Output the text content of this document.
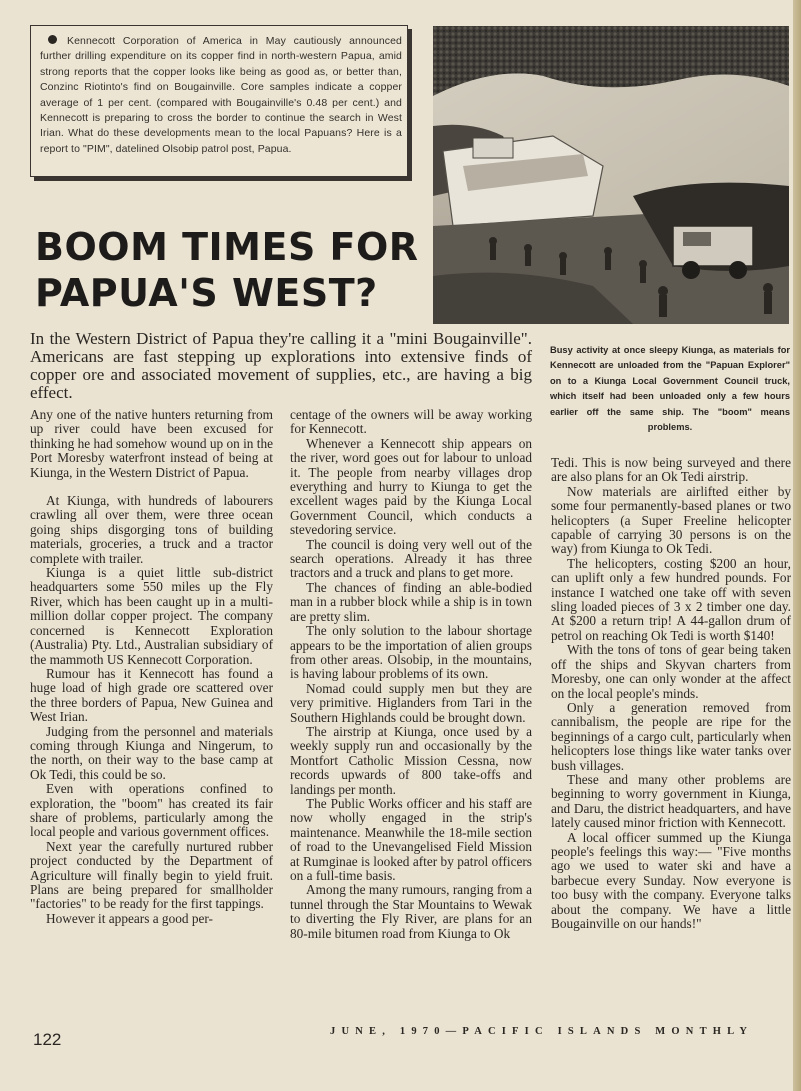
Kennecott Corporation of America in May cautiously announced further drilling expenditure on its copper find in north-western Papua, amid strong reports that the copper looks like being as good as, or better than, Conzinc Riotinto's find on Bougainville. Core samples indicate a copper average of 1 per cent. (compared with Bougainville's 0.48 per cent.) and Kennecott is preparing to cross the border to continue the search in West Irian. What do these developments mean to the local Papuans? Here is a report to "PIM", datelined Olsobip patrol post, Papua.
BOOM TIMES FOR
PAPUA'S WEST?
Busy activity at once sleepy Kiunga, as materials for Kennecott are unloaded from the "Papuan Explorer" on to a Kiunga Local Government Council truck, which itself had been unloaded only a few hours earlier off the same ship. The "boom" means problems.
In the Western District of Papua they're calling it a "mini Bougainville". Americans are fast stepping up explorations into extensive finds of copper ore and associated movement of supplies, etc., are having a big effect.

Any one of the native hunters returning from up river could have been excused for thinking he had somehow wound up on in the Port Moresby waterfront instead of being at Kiunga, in the Western District of Papua.

At Kiunga, with hundreds of labourers crawling all over them, were three ocean going ships disgorging tons of building materials, groceries, a truck and a tractor complete with trailer.

Kiunga is a quiet little sub-district headquarters some 550 miles up the Fly River, which has been caught up in a multi-million dollar copper project. The company concerned is Kennecott Exploration (Australia) Pty. Ltd., Australian subsidiary of the mammoth US Kennecott Corporation.

Rumour has it Kennecott has found a huge load of high grade ore scattered over the three borders of Papua, New Guinea and West Irian.

Judging from the personnel and materials coming through Kiunga and Ningerum, to the north, on their way to the base camp at Ok Tedi, this could be so.

Even with operations confined to exploration, the "boom" has created its fair share of problems, particularly among the local people and various government offices.

Next year the carefully nurtured rubber project conducted by the Department of Agriculture will finally begin to yield fruit. Plans are being prepared for smallholder "factories" to be ready for the first tappings.

However it appears a good per-

centage of the owners will be away working for Kennecott.

Whenever a Kennecott ship appears on the river, word goes out for labour to unload it. The people from nearby villages drop everything and hurry to Kiunga to get the excellent wages paid by the Kiunga Local Government Council, which conducts a stevedoring service.

The council is doing very well out of the search operations. Already it has three tractors and a truck and plans to get more.

The chances of finding an able-bodied man in a rubber block while a ship is in town are pretty slim.

The only solution to the labour shortage appears to be the importation of alien groups from other areas. Olsobip, in the mountains, is having labour problems of its own.

Nomad could supply men but they are very primitive. Higlanders from Tari in the Southern Highlands could be brought down.

The airstrip at Kiunga, once used by a weekly supply run and occasionally by the Montfort Catholic Mission Cessna, now records upwards of 800 take-offs and landings per month.

The Public Works officer and his staff are now wholly engaged in the strip's maintenance. Meanwhile the 18-mile section of road to the Unevangelised Field Mission at Rumginae is looked after by patrol officers on a full-time basis.

Among the many rumours, ranging from a tunnel through the Star Mountains to Wewak to diverting the Fly River, are plans for an 80-mile bitumen road from Kiunga to Ok

Tedi. This is now being surveyed and there are also plans for an Ok Tedi airstrip.

Now materials are airlifted either by some four permanently-based planes or two helicopters (a Super Freeline helicopter capable of carrying 30 persons is on the way) from Kiunga to Ok Tedi.

The helicopters, costing $200 an hour, can uplift only a few hundred pounds. For instance I watched one take off with seven sling loaded pieces of 3 x 2 timber one day. At $200 a return trip! A 44-gallon drum of petrol on reaching Ok Tedi is worth $140!

With the tons of tons of gear being taken off the ships and Skyvan charters from Moresby, one can only wonder at the affect on the local people's minds.

Only a generation removed from cannibalism, the people are ripe for the beginnings of a cargo cult, particularly when helicopters lose things like water tanks over bush villages.

These and many other problems are beginning to worry government in Kiunga, and Daru, the district headquarters, and have lately caused minor friction with Kennecott.

A local officer summed up the Kiunga people's feelings this way:— "Five months ago we used to water ski and have a barbecue every Sunday. Now everyone is too busy with the company. Everyone talks about the company. We have a little Bougainville on our hands!"

122	JUNE, 1970—PACIFIC ISLANDS MONTHLY
